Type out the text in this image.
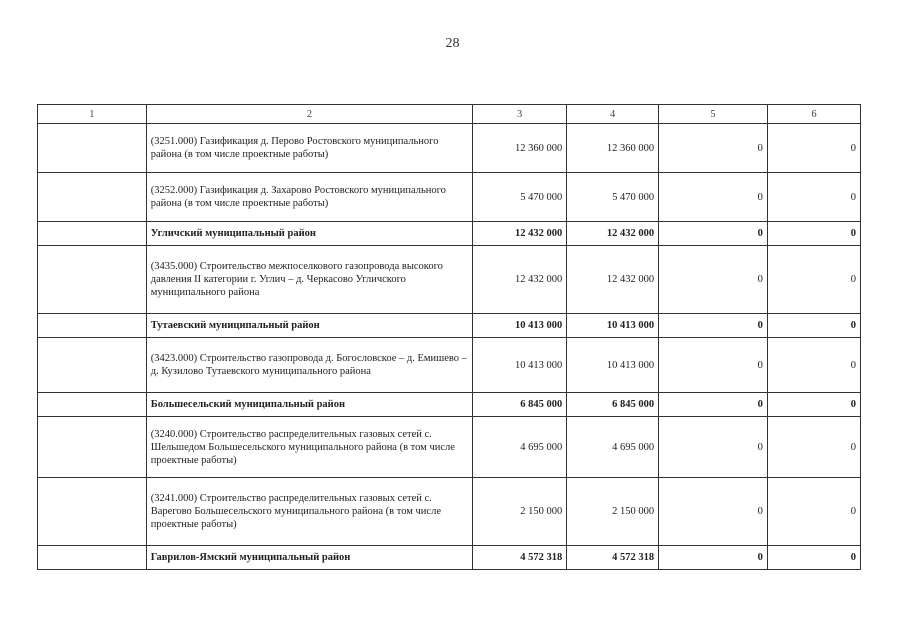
28
1	2	3	4	5	6
	(3251.000) Газификация д. Перово Ростовского муниципального района (в том числе проектные работы)	12 360 000	12 360 000	0	0
	(3252.000) Газификация д. Захарово Ростовского муниципального района (в том числе проектные работы)	5 470 000	5 470 000	0	0
	Угличский муниципальный район	12 432 000	12 432 000	0	0
	(3435.000) Строительство межпоселкового газопровода высокого давления II категории г. Углич – д. Черкасово Угличского муниципального района	12 432 000	12 432 000	0	0
	Тутаевский муниципальный район	10 413 000	10 413 000	0	0
	(3423.000) Строительство газопровода д. Богословское – д. Емишево – д. Кузилово Тутаевского муниципального района	10 413 000	10 413 000	0	0
	Большесельский муниципальный район	6 845 000	6 845 000	0	0
	(3240.000) Строительство распределительных газовых сетей с. Шельшедом Большесельского муниципального района (в том числе проектные работы)	4 695 000	4 695 000	0	0
	(3241.000) Строительство распределительных газовых сетей с. Варегово Большесельского муниципального района (в том числе проектные работы)	2 150 000	2 150 000	0	0
	Гаврилов-Ямский муниципальный район	4 572 318	4 572 318	0	0
